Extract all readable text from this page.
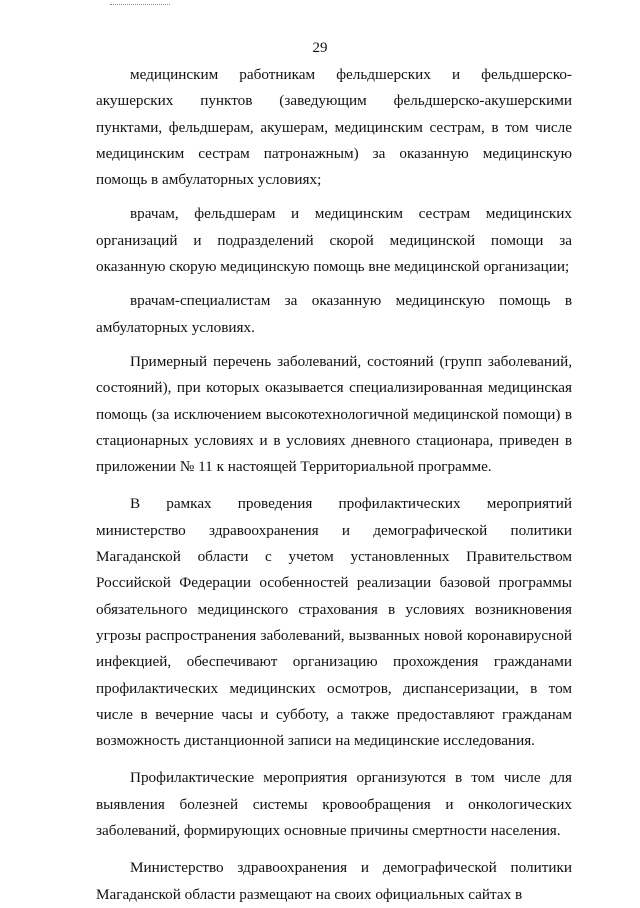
29

медицинским работникам фельдшерских и фельдшерско-акушерских пунктов (заведующим фельдшерско-акушерскими пунктами, фельдшерам, акушерам, медицинским сестрам, в том числе медицинским сестрам патронажным) за оказанную медицинскую помощь в амбулаторных условиях;

врачам, фельдшерам и медицинским сестрам медицинских организаций и подразделений скорой медицинской помощи за оказанную скорую медицинскую помощь вне медицинской организации;

врачам-специалистам за оказанную медицинскую помощь в амбулаторных условиях.

Примерный перечень заболеваний, состояний (групп заболеваний, состояний), при которых оказывается специализированная медицинская помощь (за исключением высокотехнологичной медицинской помощи) в стационарных условиях и в условиях дневного стационара, приведен в приложении № 11 к настоящей Территориальной программе.

В рамках проведения профилактических мероприятий министерство здравоохранения и демографической политики Магаданской области с учетом установленных Правительством Российской Федерации особенностей реализации базовой программы обязательного медицинского страхования в условиях возникновения угрозы распространения заболеваний, вызванных новой коронавирусной инфекцией, обеспечивают организацию прохождения гражданами профилактических медицинских осмотров, диспансеризации, в том числе в вечерние часы и субботу, а также предоставляют гражданам возможность дистанционной записи на медицинские исследования.

Профилактические мероприятия организуются в том числе для выявления болезней системы кровообращения и онкологических заболеваний, формирующих основные причины смертности населения.

Министерство здравоохранения и демографической политики Магаданской области размещают на своих официальных сайтах в
